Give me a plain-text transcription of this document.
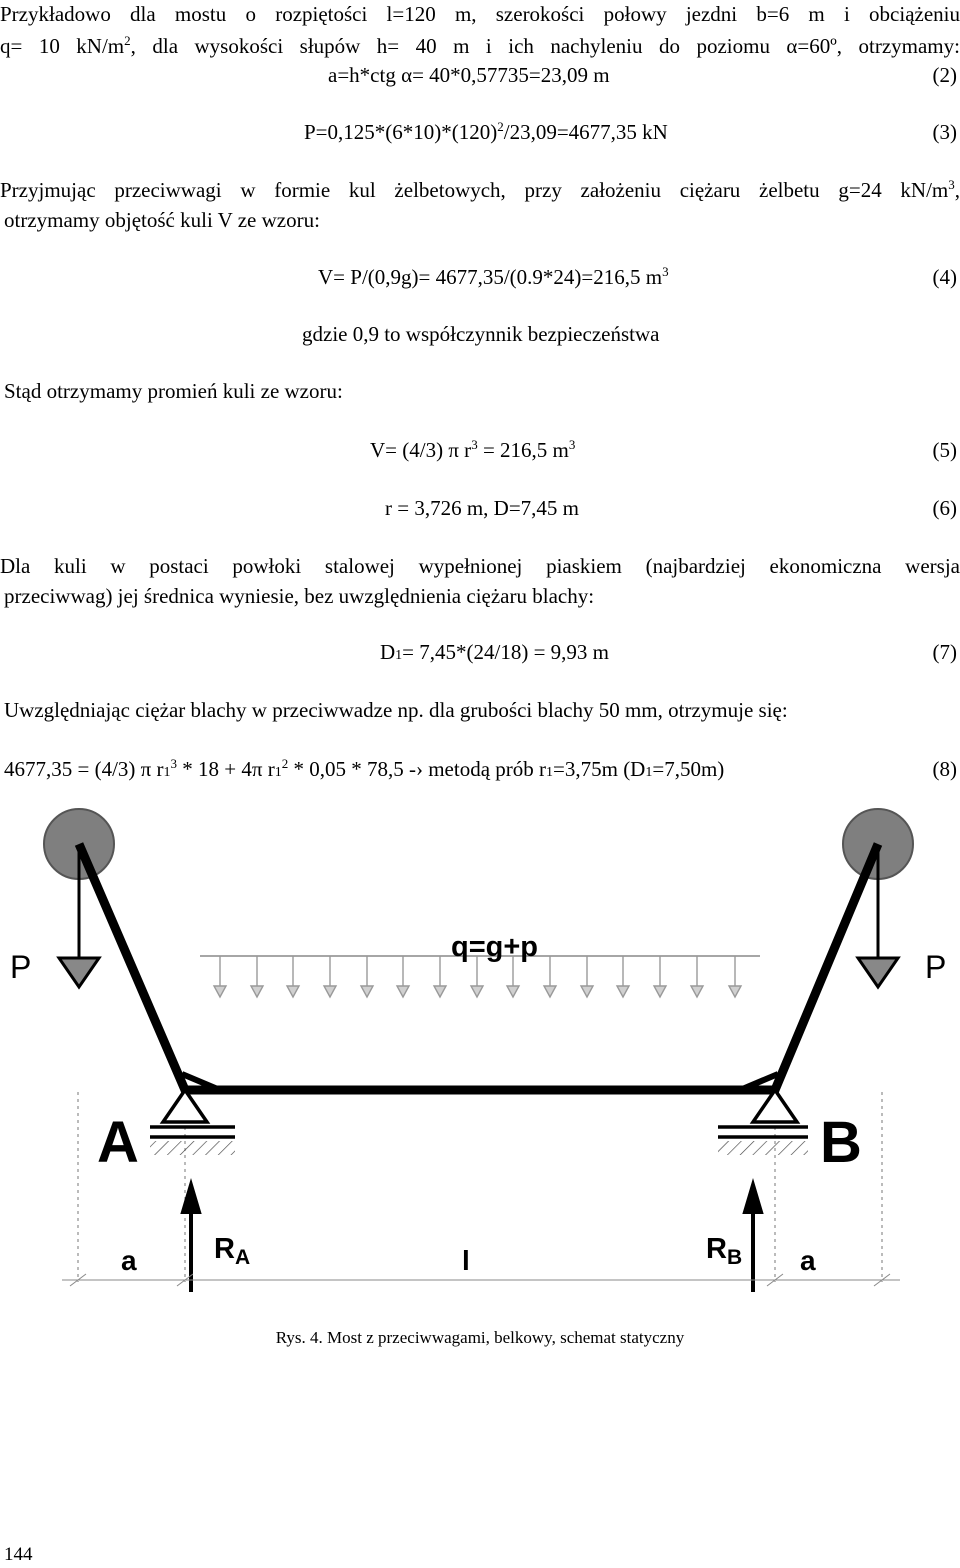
Przykładowo dla mostu o rozpiętości l=120 m, szerokości połowy jezdni b=6 m i obciążeniu
q= 10 $kN/m^2$, dla wysokości słupów h= 40 m i ich nachyleniu do poziomu α=60º, otrzymamy:
a=h*ctg α= 40*0,57735=23,09 m	(2)
$P=0,125*(6*10)*(120)^2/23,09=4677,35$ kN	(3)
Przyjmując przeciwwagi w formie kul żelbetowych, przy założeniu ciężaru żelbetu g=24 $kN/m^3$,
otrzymamy objętość kuli V ze wzoru:
V= P/(0,9g)= 4677,35/(0.9*24)=216,5 $m^3$	(4)
gdzie 0,9 to współczynnik bezpieczeństwa
Stąd otrzymamy promień kuli ze wzoru:
V= (4/3) π $r^3 = 216,5$ $m^3$	(5)
r = 3,726 m, D=7,45 m	(6)
Dla kuli w postaci powłoki stalowej wypełnionej piaskiem (najbardziej ekonomiczna wersja
przeciwwag) jej średnica wyniesie, bez uwzględnienia ciężaru blachy:
D1= 7,45*(24/18) = 9,93 m	(7)
Uwzględniając ciężar blachy w przeciwwadze np. dla grubości blachy 50 mm, otrzymuje się:
4677,35 = (4/3) π $r1^3 * 18 + 4\pi$ $r1^2 * 0,05 * 78,5$ -› metodą prób r1=3,75m (D1=7,50m)	(8)
P	P
q=g+p
A	B
$R_A$	$R_B$
a	l	a
Rys. 4. Most z przeciwwagami, belkowy, schemat statyczny
144
